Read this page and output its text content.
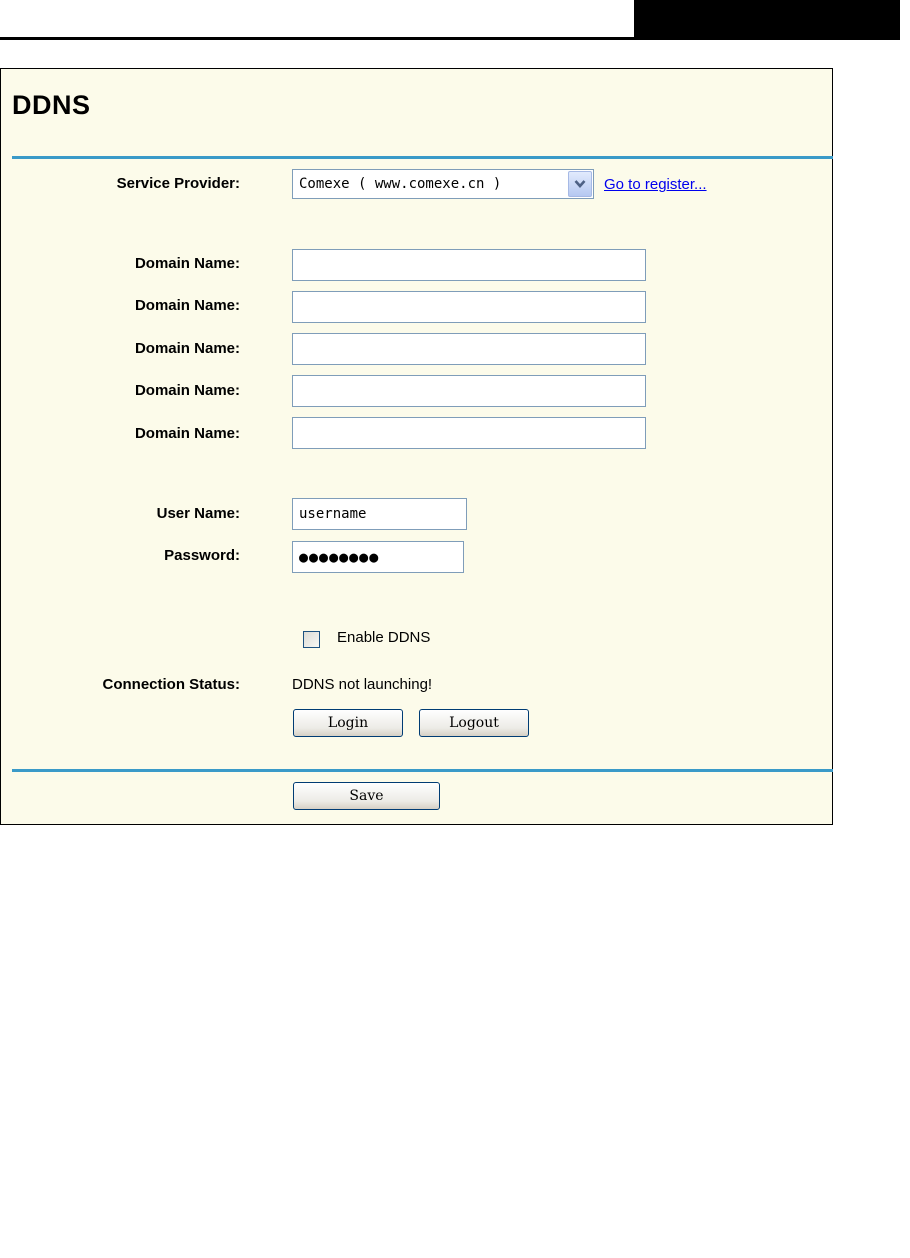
DDNS
Service Provider:	Comexe ( www.comexe.cn )	Go to register...
Domain Name:
Domain Name:
Domain Name:
Domain Name:
Domain Name:
User Name:
username
Password:
●●●●●●●●
Enable DDNS
Connection Status:	DDNS not launching!
Login	Logout
Save
